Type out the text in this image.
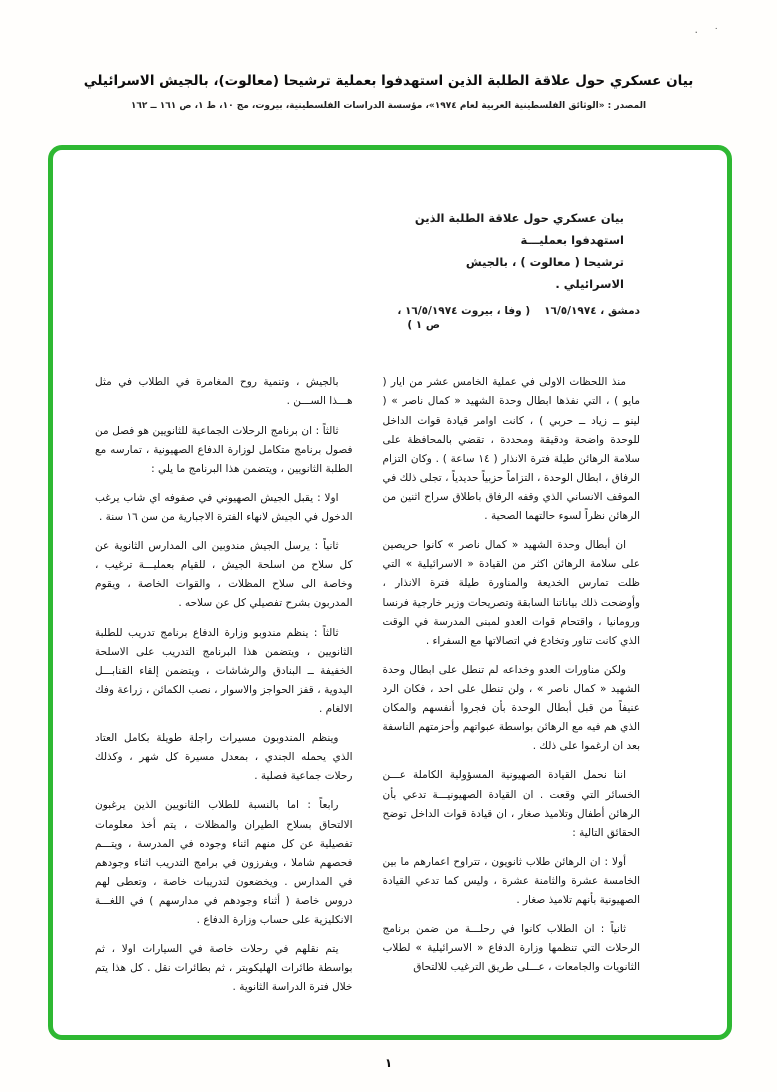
· ˙
بيان عسكري حول علاقة الطلبة الذين استهدفوا بعملية ترشيحا (معالوت)، بالجيش الاسرائيلي
المصدر : «الوثائق الفلسطينية العربية لعام ١٩٧٤»، مؤسسة الدراسات الفلسطينية، بيروت، مج ١٠، ط ١، ص ١٦١ ــ ١٦٢
بيان عسكري حول علاقة الطلبة الذين استهدفوا بعمليـــة
ترشيحا ( معالوت ) ، بالجيش الاسرائيلي .
دمشق ، ١٦/٥/١٩٧٤
( وفا ، بيروت ١٦/٥/١٩٧٤ ،
ص ١ )

منذ اللحظات الاولى في عملية الخامس عشر من ايار ( مايو ) ، التي نفذها ابطال وحدة الشهيد « كمال ناصر » ( لينو ــ زياد ــ حربي ) ، كانت اوامر قيادة قوات الداخل للوحدة واضحة ودقيقة ومحددة ، تقضي بالمحافظة على سلامة الرهائن طيلة فترة الانذار ( ١٤ ساعة ) . وكان التزام الرفاق ، ابطال الوحدة ، التزاماً حزبياً حديدياً ، تجلى ذلك في الموقف الانساني الذي وقفه الرفاق باطلاق سراح اثنين من الرهائن نظراً لسوء حالتهما الصحية .

ان أبطال وحدة الشهيد « كمال ناصر » كانوا حريصين على سلامة الرهائن اكثر من القيادة « الاسرائيلية » التي ظلت تمارس الخديعة والمناورة طيلة فترة الانذار ، وأوضحت ذلك بياناتنا السابقة وتصريحات وزير خارجية فرنسا ورومانيا ، واقتحام قوات العدو لمبنى المدرسة في الوقت الذي كانت تناور وتخادع في اتصالاتها مع السفراء .

ولكن مناورات العدو وخداعه لم تنطل على ابطال وحدة الشهيد « كمال ناصر » ، ولن تنطل على احد ، فكان الرد عنيفاً من قبل أبطال الوحدة بأن فجروا أنفسهم والمكان الذي هم فيه مع الرهائن بواسطة عبواتهم وأحزمتهم الناسفة بعد ان ارغموا على ذلك .

اننا نحمل القيادة الصهيونية المسؤولية الكاملة عـــن الخسائر التي وقعت . ان القيادة الصهيونيـــة تدعي بأن الرهائن أطفال وتلاميذ صغار ، ان قيادة قوات الداخل توضح الحقائق التالية :

أولا : ان الرهائن طلاب ثانويون ، تتراوح اعمارهم ما بين الخامسة عشرة والثامنة عشرة ، وليس كما تدعي القيادة الصهيونية بأنهم تلاميذ صغار .

ثانياً : ان الطلاب كانوا في رحلـــة من ضمن برنامج الرحلات التي تنظمها وزارة الدفاع « الاسرائيلية » لطلاب الثانويات والجامعات ، عـــلى طريق الترغيب للالتحاق

بالجيش ، وتنمية روح المغامرة في الطلاب في مثل هـــذا الســـن .

ثالثاً : ان برنامج الرحلات الجماعية للثانويين هو فصل من فصول برنامج متكامل لوزارة الدفاع الصهيونية ، تمارسه مع الطلبة الثانويين ، ويتضمن هذا البرنامج ما يلي :

اولا : يقبل الجيش الصهيوني في صفوفه اي شاب يرغب الدخول في الجيش لانهاء الفترة الاجبارية من سن ١٦ سنة .

ثانياً : يرسل الجيش مندوبين الى المدارس الثانوية عن كل سلاح من اسلحة الجيش ، للقيام بعمليـــة ترغيب ، وخاصة الى سلاح المظلات ، والقوات الخاصة ، ويقوم المدربون بشرح تفصيلي كل عن سلاحه .

ثالثاً : ينظم مندوبو وزارة الدفاع برنامج تدريب للطلبة الثانويين ، ويتضمن هذا البرنامج التدريب على الاسلحة الخفيفة ــ البنادق والرشاشات ، ويتضمن إلقاء القنابـــل اليدوية ، قفز الحواجز والاسوار ، نصب الكمائن ، زراعة وفك الالغام .

وينظم المندوبون مسيرات راجلة طويلة بكامل العتاد الذي يحمله الجندي ، بمعدل مسيرة كل شهر ، وكذلك رحلات جماعية فصلية .

رابعاً : اما بالنسبة للطلاب الثانويين الذين يرغبون الالتحاق بسلاح الطيران والمظلات ، يتم أخذ معلومات تفصيلية عن كل منهم اثناء وجوده في المدرسة ، ويتـــم فحصهم شاملا ، ويفرزون في برامج التدريب اثناء وجودهم في المدارس . ويخضعون لتدريبات خاصة ، وتعطى لهم دروس خاصة ( أثناء وجودهم في مدارسهم ) في اللغـــة الانكليزية على حساب وزارة الدفاع .

يتم نقلهم في رحلات خاصة في السيارات اولا ، ثم بواسطة طائرات الهليكوبتر ، ثم بطائرات نقل . كل هذا يتم خلال فترة الدراسة الثانوية .

١
